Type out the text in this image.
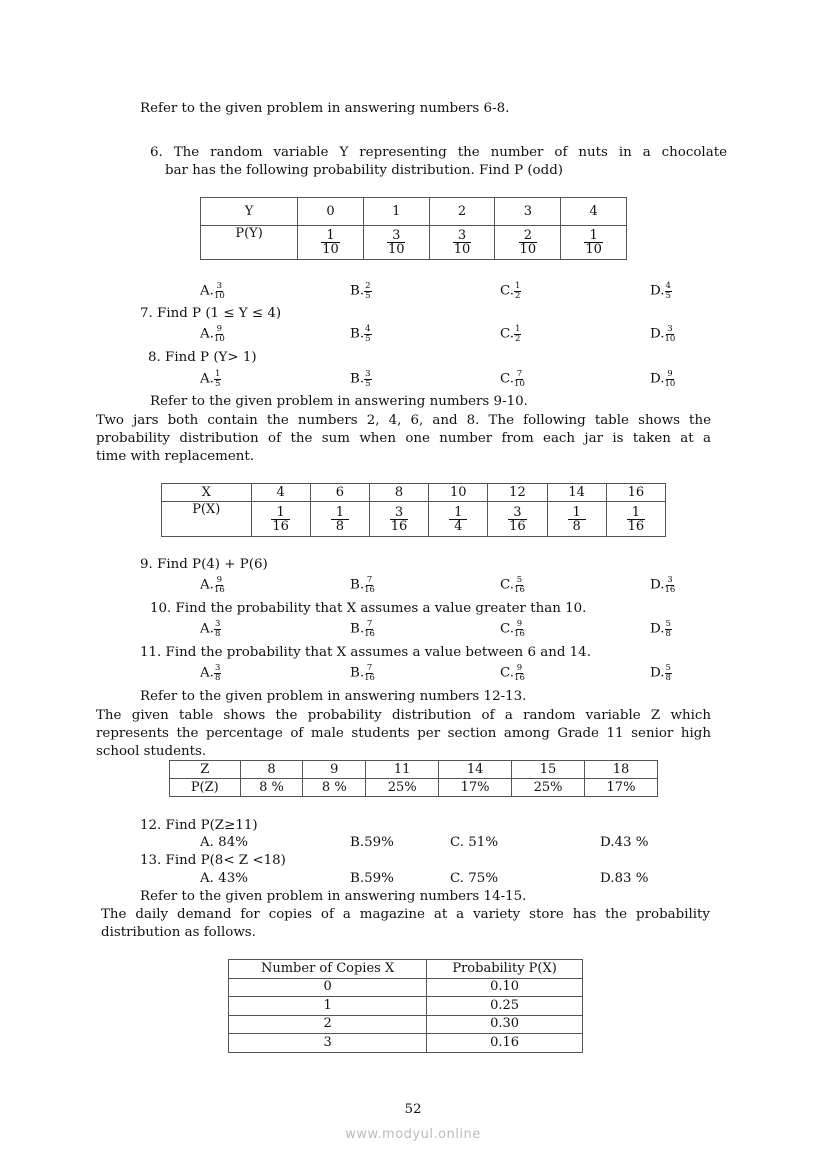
Refer to the given problem in answering numbers 6-8.
6. The random variable Y representing the number of nuts in a chocolate
bar has the following probability distribution. Find P (odd)
Y	0	1	2	3	4
P(Y)	$\frac{1}{10}$	$\frac{3}{10}$	$\frac{3}{10}$	$\frac{2}{10}$	$\frac{1}{10}$
A. $\frac{3}{10}$	B. $\frac{2}{5}$	C. $\frac{1}{2}$	D. $\frac{4}{5}$
7. Find P (1 ≤ Y ≤ 4)
A. $\frac{9}{10}$	B. $\frac{4}{5}$	C. $\frac{1}{2}$	D. $\frac{3}{10}$
8. Find P (Y> 1)
A. $\frac{1}{5}$	B. $\frac{3}{5}$	C. $\frac{7}{10}$	D. $\frac{9}{10}$
Refer to the given problem in answering numbers 9-10.
Two jars both contain the numbers 2, 4, 6, and 8. The following table shows the
probability distribution of the sum when one number from each jar is taken at a
time with replacement.
X	4	6	8	10	12	14	16
P(X)	$\frac{1}{16}$	$\frac{1}{8}$	$\frac{3}{16}$	$\frac{1}{4}$	$\frac{3}{16}$	$\frac{1}{8}$	$\frac{1}{16}$
9. Find P(4) + P(6)
A. $\frac{9}{16}$	B. $\frac{7}{16}$	C. $\frac{5}{16}$	D. $\frac{3}{16}$
10. Find the probability that X assumes a value greater than 10.
A. $\frac{3}{8}$	B. $\frac{7}{16}$	C. $\frac{9}{16}$	D. $\frac{5}{8}$
11. Find the probability that X assumes a value between 6 and 14.
A. $\frac{3}{8}$	B. $\frac{7}{16}$	C. $\frac{9}{16}$	D. $\frac{5}{8}$
Refer to the given problem in answering numbers 12-13.
The given table shows the probability distribution of a random variable Z which
represents the percentage of male students per section among Grade 11 senior high
school students.
Z	8	9	11	14	15	18
P(Z)	8 %	8 %	25%	17%	25%	17%
12. Find P(Z≥11)
A. 84%	B.59%	C. 51%	D.43 %
13. Find P(8< Z <18)
A. 43%	B.59%	C. 75%	D.83 %
Refer to the given problem in answering numbers 14-15.
The daily demand for copies of a magazine at a variety store has the probability
distribution as follows.
Number of Copies X	Probability P(X)
0	0.10
1	0.25
2	0.30
3	0.16
52
www.modyul.online
